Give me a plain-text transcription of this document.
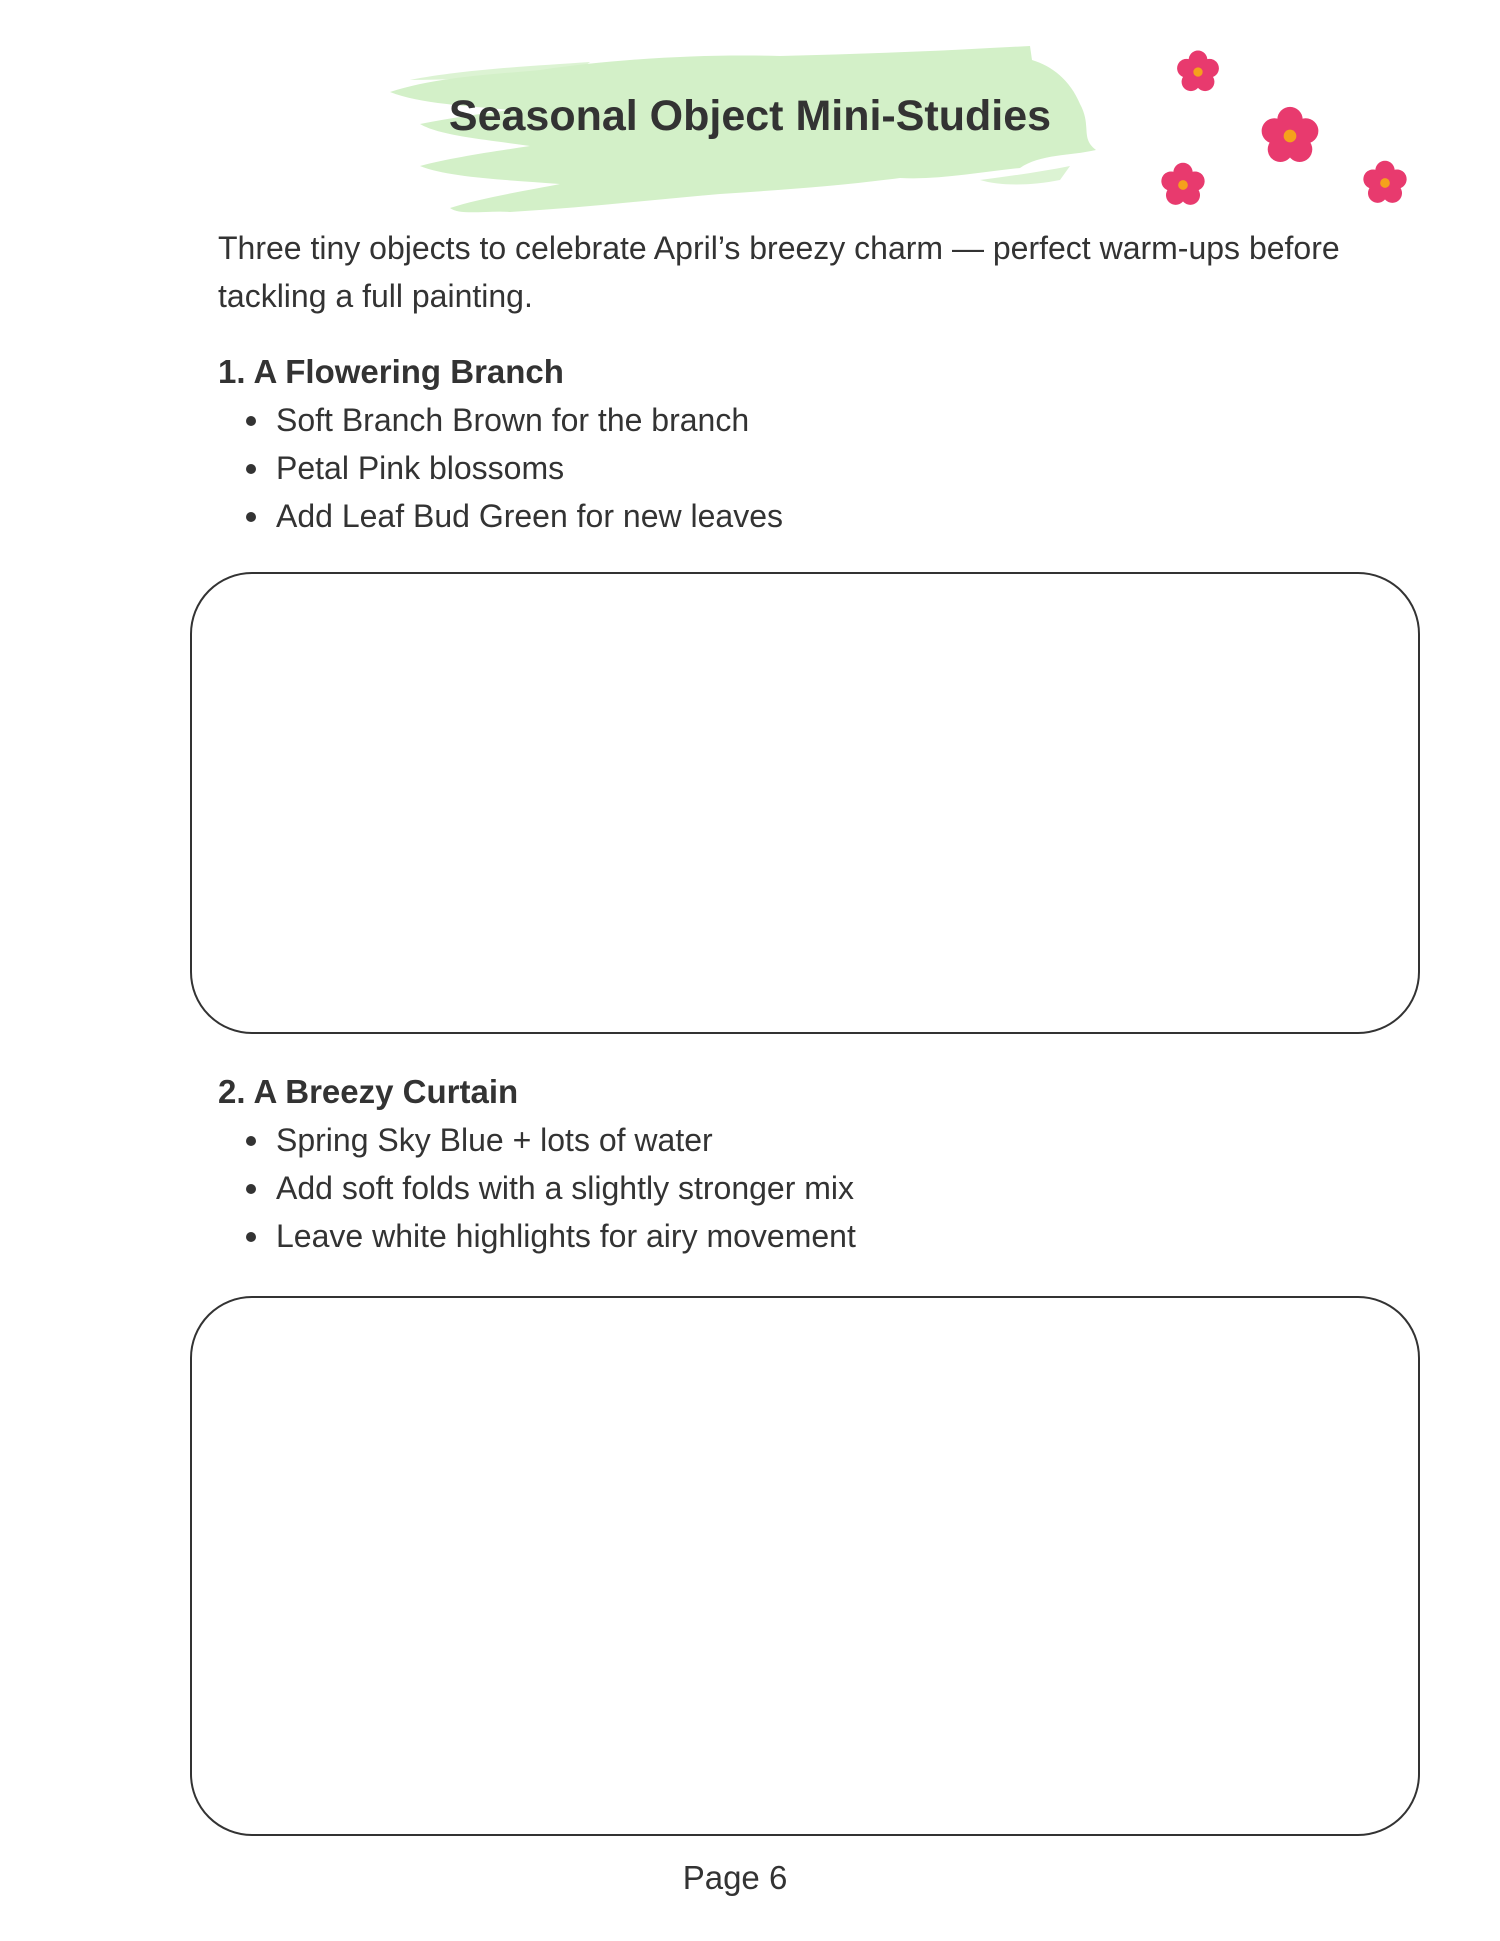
Seasonal Object Mini-Studies

Three tiny objects to celebrate April’s breezy charm — perfect warm-ups before tackling a full painting.

1. A Flowering Branch
Soft Branch Brown for the branch
Petal Pink blossoms
Add Leaf Bud Green for new leaves
2. A Breezy Curtain
Spring Sky Blue + lots of water
Add soft folds with a slightly stronger mix
Leave white highlights for airy movement

Page 6
